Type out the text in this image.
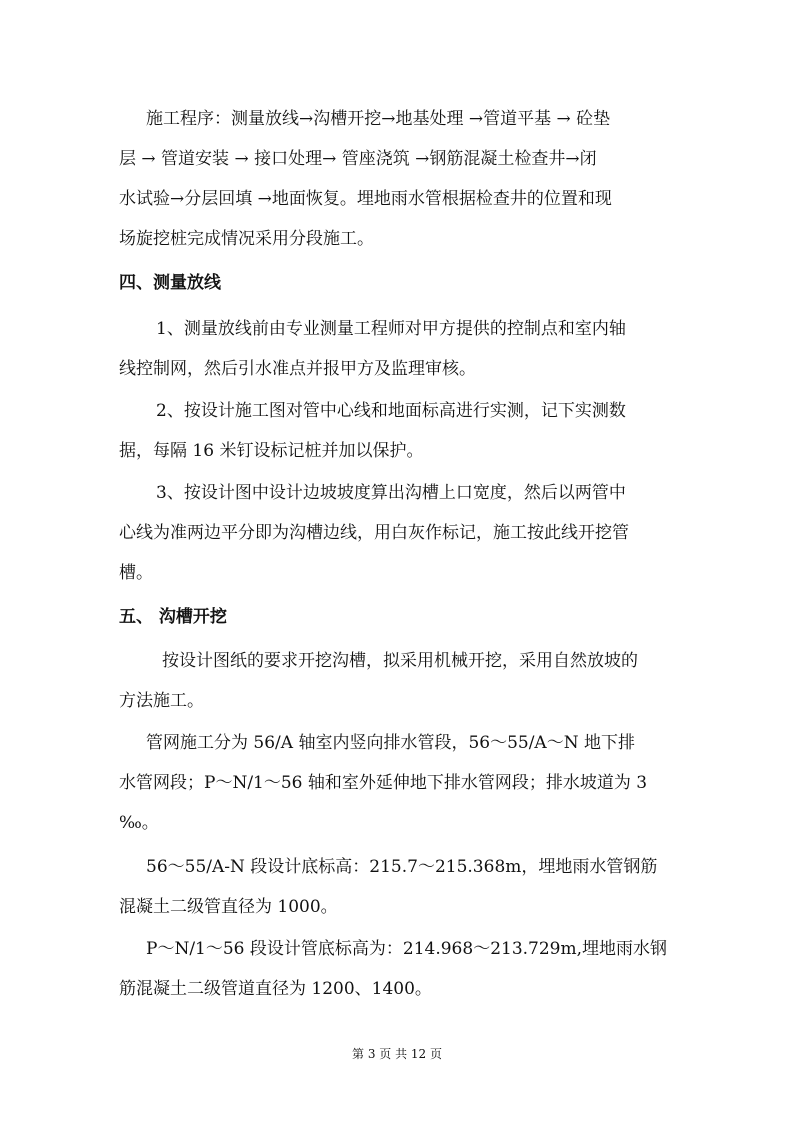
施工程序：测量放线→沟槽开挖→地基处理 →管道平基 → 砼垫
层 → 管道安装 → 接口处理→ 管座浇筑 →钢筋混凝土检查井→闭
水试验→分层回填 →地面恢复。埋地雨水管根据检查井的位置和现
场旋挖桩完成情况采用分段施工。
四、测量放线
1、测量放线前由专业测量工程师对甲方提供的控制点和室内轴
线控制网，然后引水准点并报甲方及监理审核。
2、按设计施工图对管中心线和地面标高进行实测，记下实测数
据，每隔 16 米钉设标记桩并加以保护。
3、按设计图中设计边坡坡度算出沟槽上口宽度，然后以两管中
心线为准两边平分即为沟槽边线，用白灰作标记，施工按此线开挖管
槽。
五、 沟槽开挖
按设计图纸的要求开挖沟槽，拟采用机械开挖，采用自然放坡的
方法施工。
管网施工分为 56/A 轴室内竖向排水管段，56～55/A～N 地下排
水管网段；P～N/1～56 轴和室外延伸地下排水管网段；排水坡道为 3
‰。
56～55/A-N 段设计底标高：215.7～215.368m，埋地雨水管钢筋
混凝土二级管直径为 1000。
P～N/1～56 段设计管底标高为：214.968～213.729m,埋地雨水钢
筋混凝土二级管道直径为 1200、1400。
第 3 页 共 12 页
